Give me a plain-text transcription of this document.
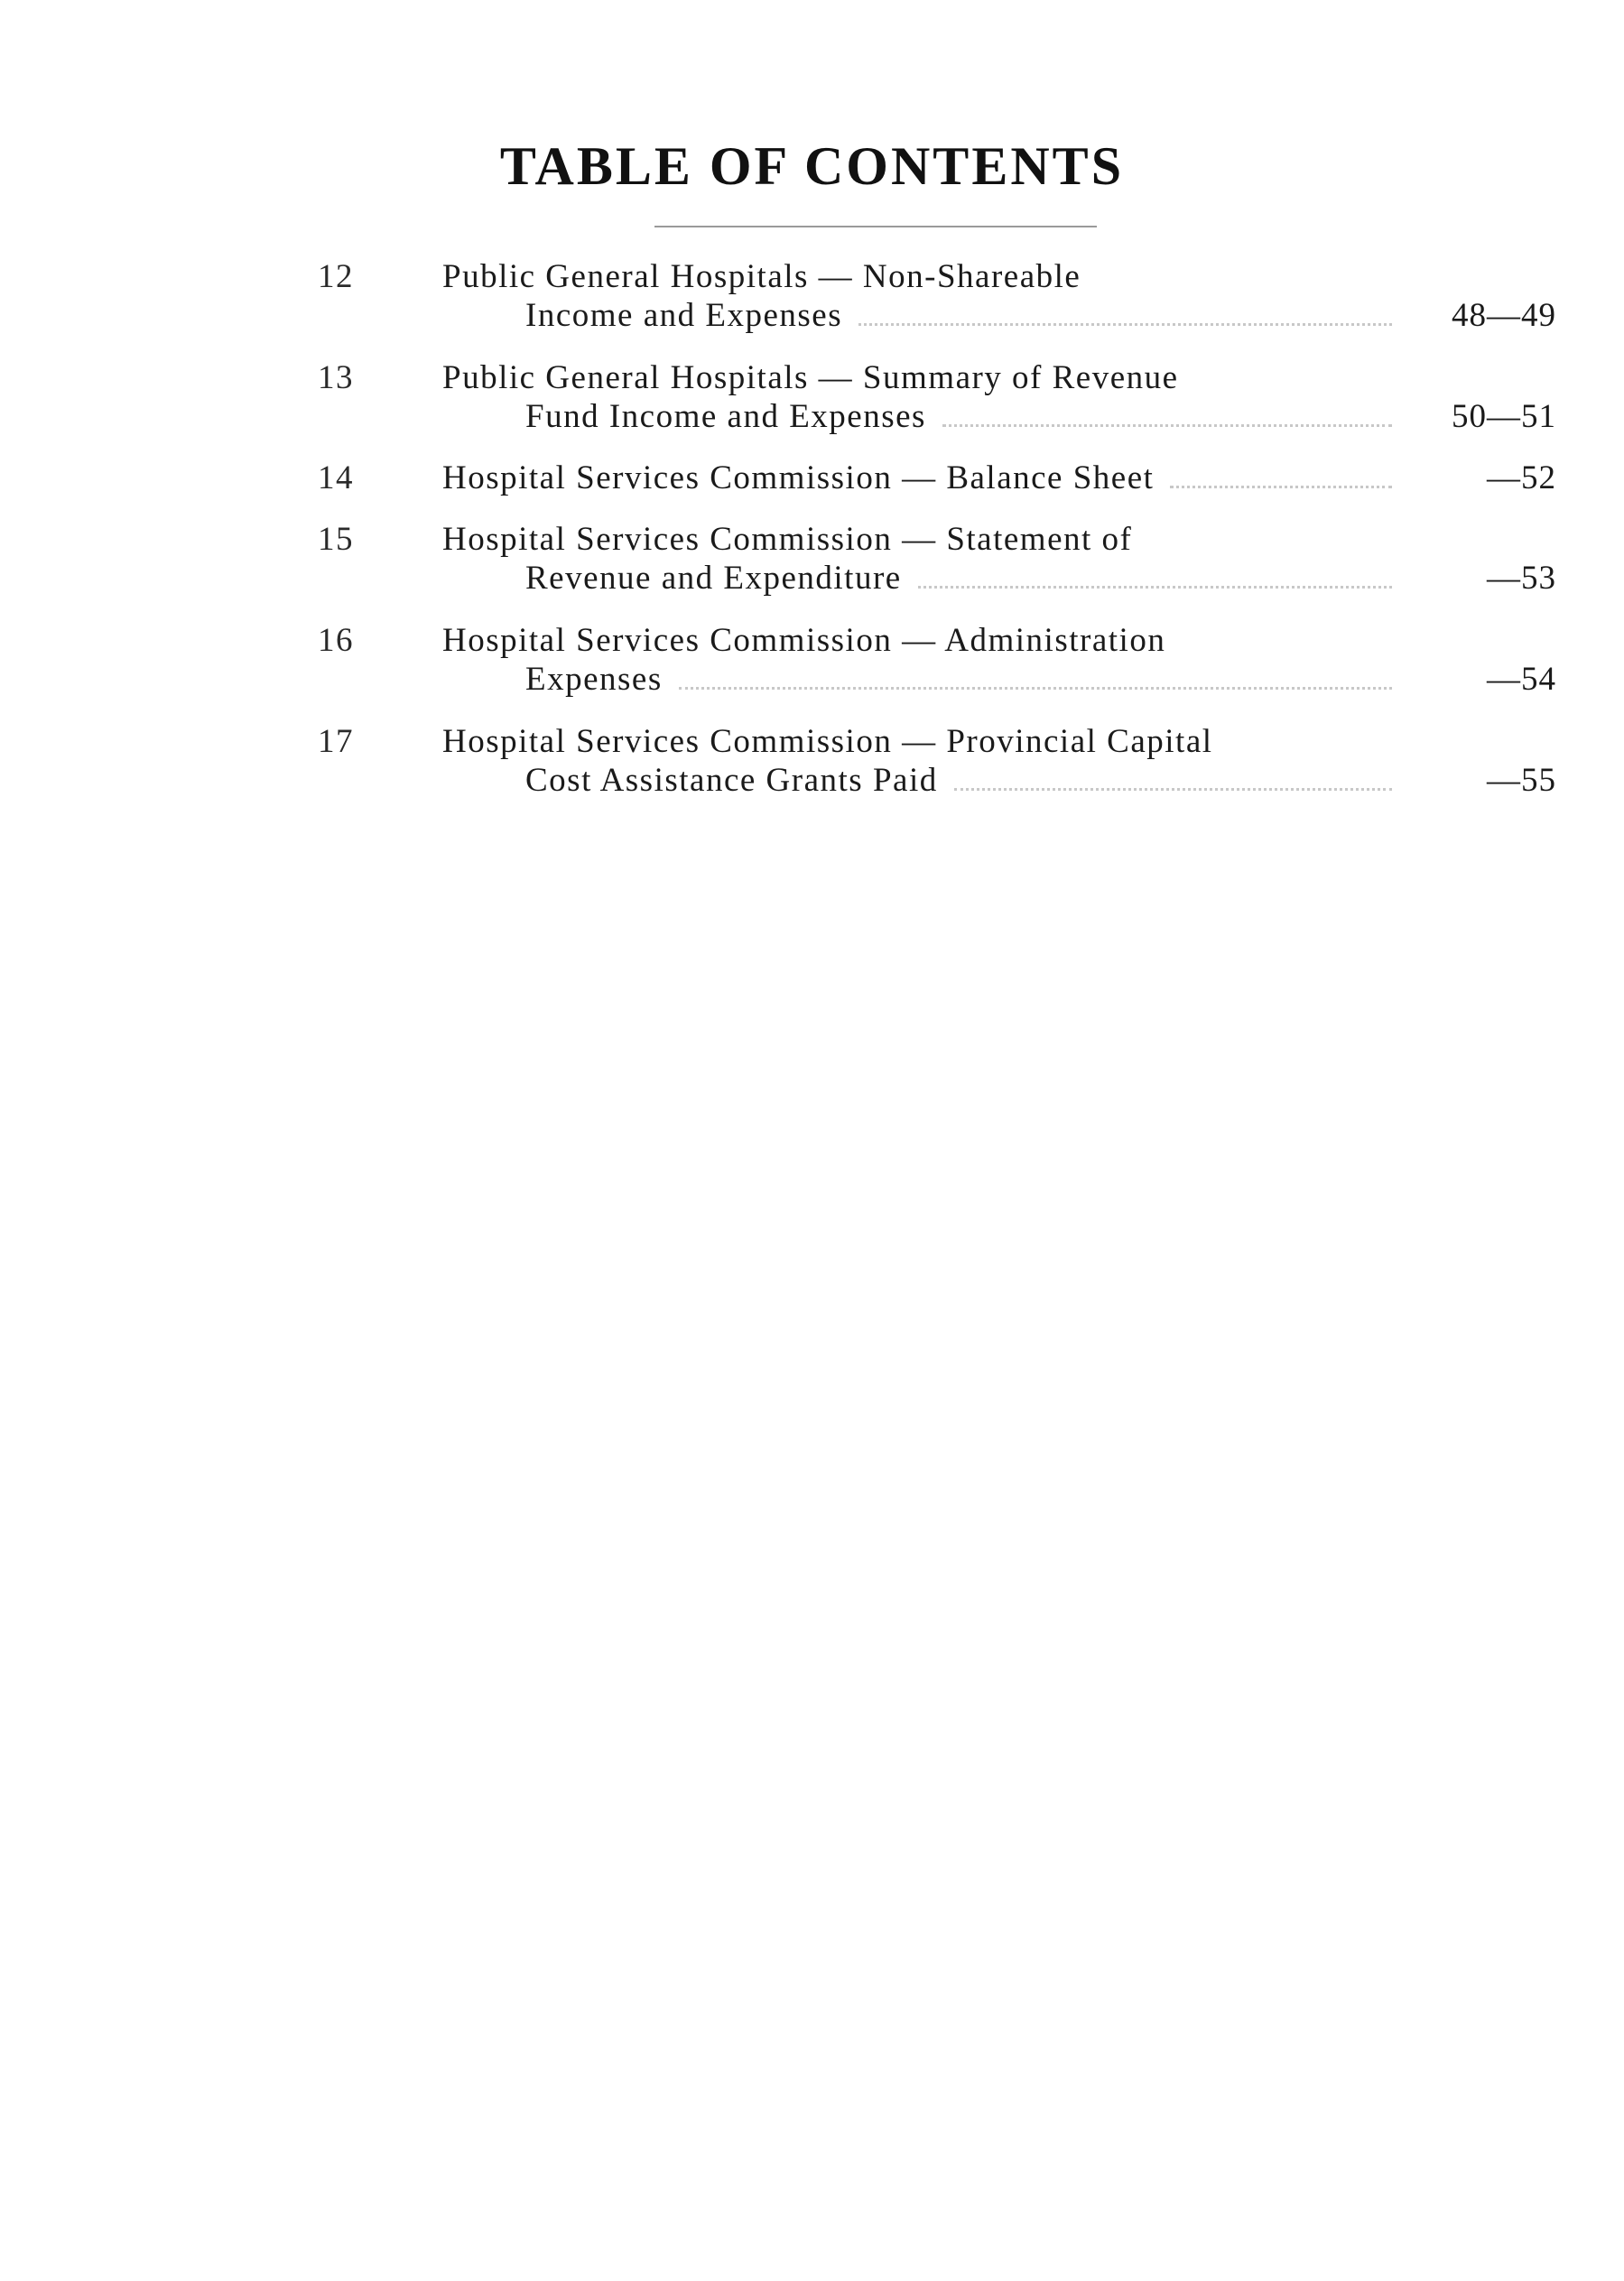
TABLE OF CONTENTS
12	Public General Hospitals — Non-Shareable
Income and Expenses	48—49
13	Public General Hospitals — Summary of Revenue
Fund Income and Expenses	50—51
14	Hospital Services Commission — Balance Sheet	—52
15	Hospital Services Commission — Statement of
Revenue and Expenditure	—53
16	Hospital Services Commission — Administration
Expenses	—54
17	Hospital Services Commission — Provincial Capital
Cost Assistance Grants Paid	—55
